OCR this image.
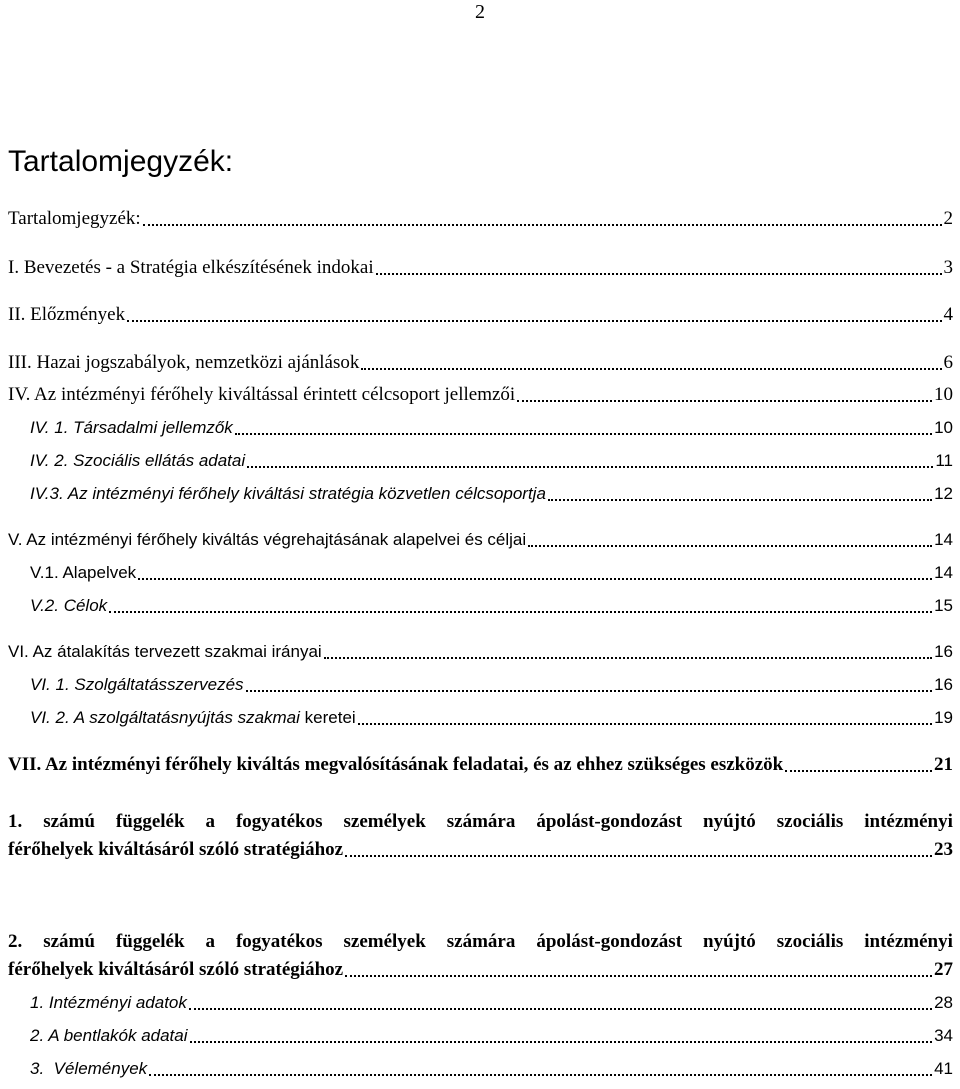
2
Tartalomjegyzék:
Tartalomjegyzék:	2
I. Bevezetés - a Stratégia elkészítésének indokai	3
II. Előzmények	4
III. Hazai jogszabályok, nemzetközi ajánlások	6
IV. Az intézményi férőhely kiváltással érintett célcsoport jellemzői	10
IV. 1. Társadalmi jellemzők	10
IV. 2. Szociális ellátás adatai	11
IV.3. Az intézményi férőhely kiváltási stratégia közvetlen célcsoportja	12
V. Az intézményi férőhely kiváltás végrehajtásának alapelvei és céljai	14
V.1. Alapelvek	14
V.2. Célok	15
VI. Az átalakítás tervezett szakmai irányai	16
VI. 1. Szolgáltatásszervezés	16
VI. 2. A szolgáltatásnyújtás szakmai keretei	19
VII. Az intézményi férőhely kiváltás megvalósításának feladatai, és az ehhez szükséges eszközök	21
1. számú függelék a fogyatékos személyek számára ápolást-gondozást nyújtó szociális intézményi
férőhelyek kiváltásáról szóló stratégiához	23
2. számú függelék a fogyatékos személyek számára ápolást-gondozást nyújtó szociális intézményi
férőhelyek kiváltásáról szóló stratégiához	27
1. Intézményi adatok	28
2. A bentlakók adatai	34
3.  Vélemények	41
